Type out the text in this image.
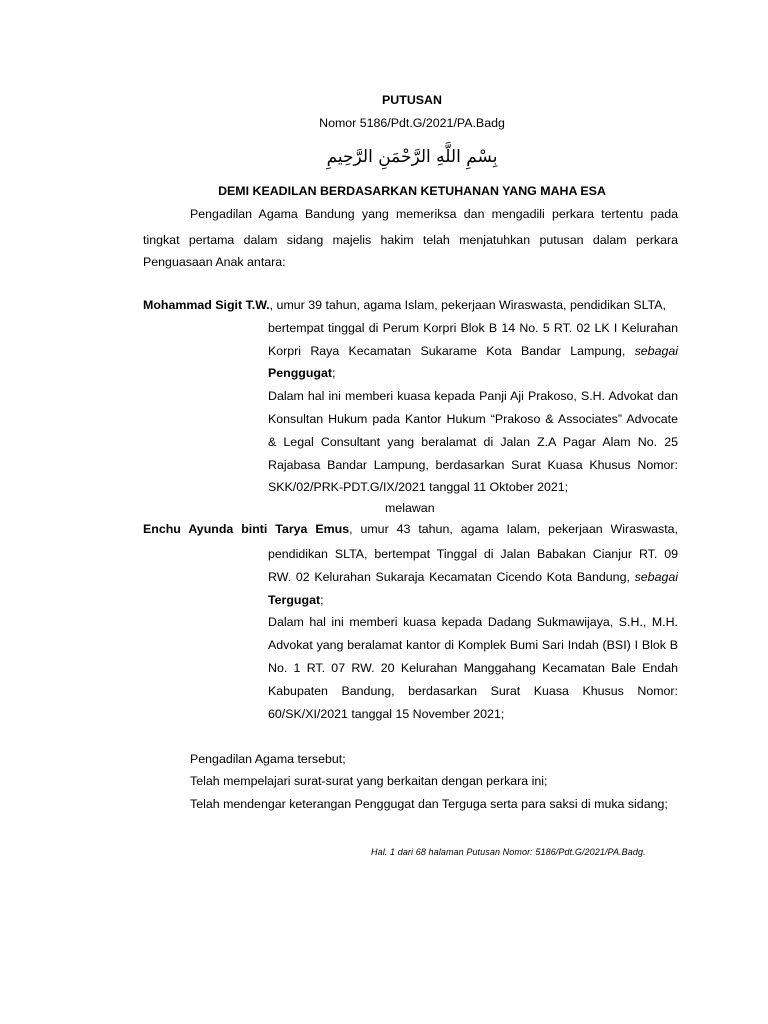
PUTUSAN
Nomor 5186/Pdt.G/2021/PA.Badg
بِسْمِ اللَّهِ الرَّحْمَنِ الرَّحِيمِ
DEMI KEADILAN BERDASARKAN KETUHANAN YANG MAHA ESA
Pengadilan Agama Bandung yang memeriksa dan mengadili perkara tertentu pada
tingkat pertama dalam sidang majelis hakim telah menjatuhkan putusan dalam perkara
Penguasaan Anak antara:
Mohammad Sigit T.W., umur 39 tahun, agama Islam, pekerjaan Wiraswasta, pendidikan SLTA,
bertempat tinggal di Perum Korpri Blok B 14 No. 5 RT. 02 LK I Kelurahan
Korpri Raya Kecamatan Sukarame Kota Bandar Lampung, sebagai
Penggugat;
Dalam hal ini memberi kuasa kepada Panji Aji Prakoso, S.H. Advokat dan
Konsultan Hukum pada Kantor Hukum “Prakoso & Associates” Advocate
& Legal Consultant yang beralamat di Jalan Z.A Pagar Alam No. 25
Rajabasa Bandar Lampung, berdasarkan Surat Kuasa Khusus Nomor:
SKK/02/PRK-PDT.G/IX/2021 tanggal 11 Oktober 2021;
melawan
Enchu Ayunda binti Tarya Emus, umur 43 tahun, agama Ialam, pekerjaan Wiraswasta,
pendidikan SLTA, bertempat Tinggal di Jalan Babakan Cianjur RT. 09
RW. 02 Kelurahan Sukaraja Kecamatan Cicendo Kota Bandung, sebagai
Tergugat;
Dalam hal ini memberi kuasa kepada Dadang Sukmawijaya, S.H., M.H.
Advokat yang beralamat kantor di Komplek Bumi Sari Indah (BSI) I Blok B
No. 1 RT. 07 RW. 20 Kelurahan Manggahang Kecamatan Bale Endah
Kabupaten Bandung, berdasarkan Surat Kuasa Khusus Nomor:
60/SK/XI/2021 tanggal 15 November 2021;
Pengadilan Agama tersebut;
Telah mempelajari surat-surat yang berkaitan dengan perkara ini;
Telah mendengar keterangan Penggugat dan Terguga serta para saksi di muka sidang;
Hal. 1 dari 68 halaman Putusan Nomor: 5186/Pdt.G/2021/PA.Badg.
